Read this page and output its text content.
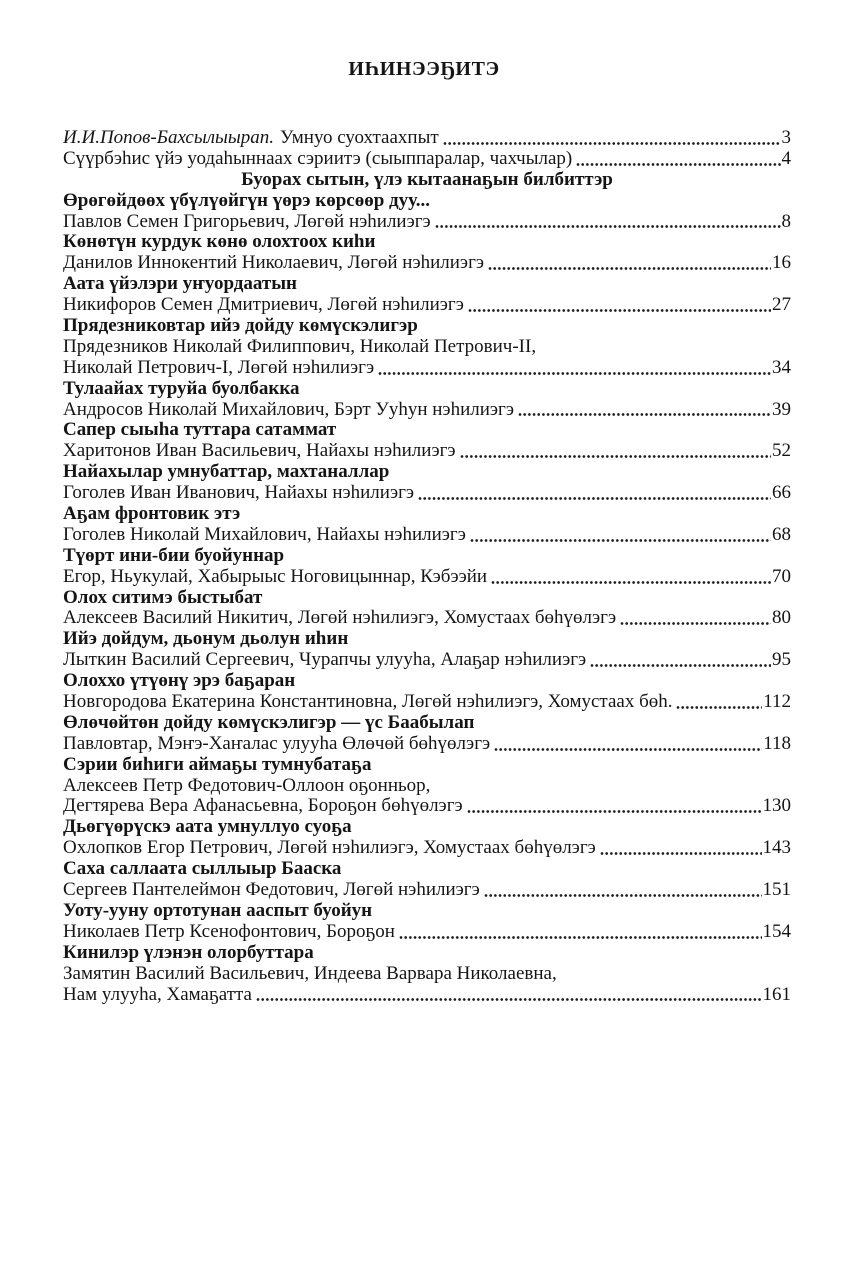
ИҺИНЭЭҔИТЭ
И.И.Попов-Бахсылыырап. Умнуо суохтаахпыт	3
Сүүрбэһис үйэ уодаһыннаах сэриитэ (сыыппаралар, чахчылар)	4
Буорах сытын, үлэ кытаанаҕын билбиттэр
Өрөгөйдөөх үбүлүөйгүн үөрэ көрсөөр дуу...
Павлов Семен Григорьевич, Лөгөй нэһилиэгэ	8
Көнөтүн курдук көнө олохтоох киһи
Данилов Иннокентий Николаевич, Лөгөй нэһилиэгэ	16
Аата үйэлэри уҥуордаатын
Никифоров Семен Дмитриевич, Лөгөй нэһилиэгэ	27
Прядезниковтар ийэ дойду көмүскэлигэр
Прядезников Николай Филиппович, Николай Петрович-II,
Николай Петрович-I, Лөгөй нэһилиэгэ	34
Тулаайах туруйа буолбакка
Андросов Николай Михайлович, Бэрт Ууһун нэһилиэгэ	39
Сапер сыыһа туттара сатаммат
Харитонов Иван Васильевич, Найахы нэһилиэгэ	52
Найахылар умнубаттар, махтаналлар
Гоголев Иван Иванович, Найахы нэһилиэгэ	66
Аҕам фронтовик этэ
Гоголев Николай Михайлович, Найахы нэһилиэгэ	68
Түөрт ини-бии буойуннар
Егор, Ньукулай, Хабырыыс Ноговицыннар, Кэбээйи	70
Олох ситимэ быстыбат
Алексеев Василий Никитич, Лөгөй нэһилиэгэ, Хомустаах бөһүөлэгэ	80
Ийэ дойдум, дьонум дьолун иһин
Лыткин Василий Сергеевич, Чурапчы улууһа, Алаҕар нэһилиэгэ	95
Олоххо үтүөнү эрэ баҕаран
Новгородова Екатерина Константиновна, Лөгөй нэһилиэгэ, Хомустаах бөһ.	112
Өлөчөйтөн дойду көмүскэлигэр — үс Баабылап
Павловтар, Мэҥэ-Хаҥалас улууһа Өлөчөй бөһүөлэгэ	118
Сэрии биһиги аймаҕы тумнубатаҕа
Алексеев Петр Федотович-Оллоон оҕонньор,
Дегтярева Вера Афанасьевна, Бороҕон бөһүөлэгэ	130
Дьөгүөрүскэ аата умнуллуо суоҕа
Охлопков Егор Петрович, Лөгөй нэһилиэгэ, Хомустаах бөһүөлэгэ	143
Саха саллаата сыллыыр Бааска
Сергеев Пантелеймон Федотович, Лөгөй нэһилиэгэ	151
Уоту-ууну ортотунан ааспыт буойун
Николаев Петр Ксенофонтович, Бороҕон	154
Кинилэр үлэнэн олорбуттара
Замятин Василий Васильевич, Индеева Варвара Николаевна,
Нам улууһа, Хамаҕатта	161
